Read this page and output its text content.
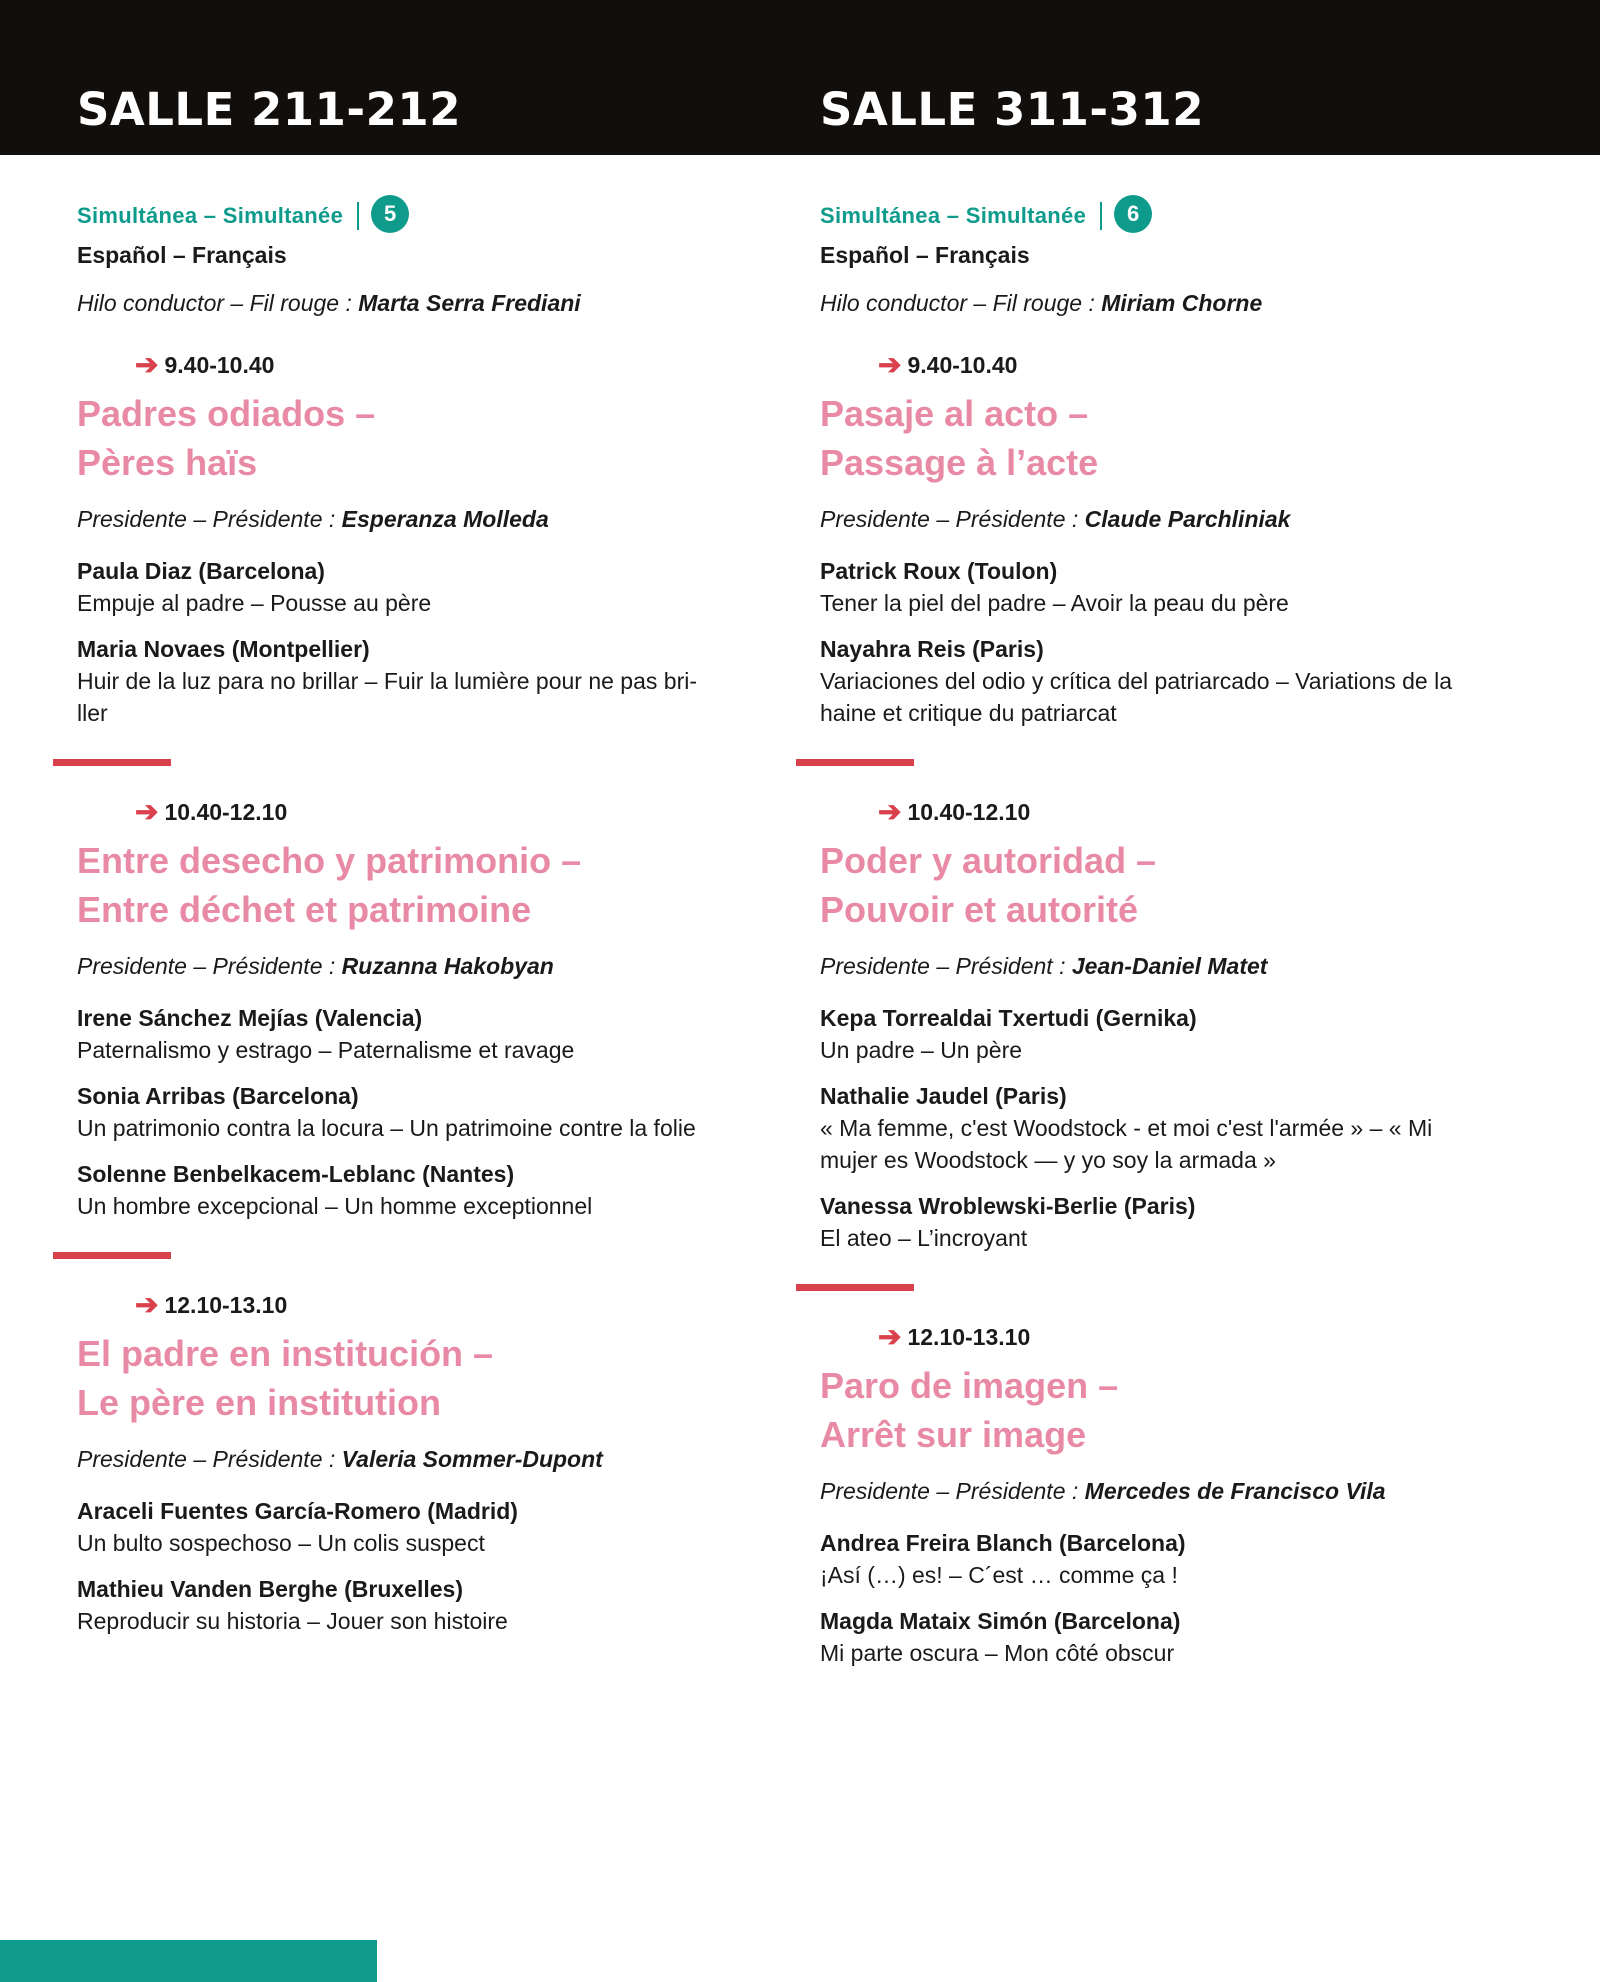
SALLE 211-212	SALLE 311-312
Simultánea – Simultanée	5
Español – Français
Hilo conductor – Fil rouge : Marta Serra Frediani
➔ 9.40-10.40
Padres odiados –
Pères haïs
Presidente – Présidente : Esperanza Molleda
Paula Diaz (Barcelona)
Empuje al padre – Pousse au père
Maria Novaes (Montpellier)
Huir de la luz para no brillar – Fuir la lumière pour ne pas bri-
ller
➔ 10.40-12.10
Entre desecho y patrimonio –
Entre déchet et patrimoine
Presidente – Présidente : Ruzanna Hakobyan
Irene Sánchez Mejías (Valencia)
Paternalismo y estrago – Paternalisme et ravage
Sonia Arribas (Barcelona)
Un patrimonio contra la locura – Un patrimoine contre la folie
Solenne Benbelkacem-Leblanc (Nantes)
Un hombre excepcional – Un homme exceptionnel
➔ 12.10-13.10
El padre en institución –
Le père en institution
Presidente – Présidente : Valeria Sommer-Dupont
Araceli Fuentes García-Romero (Madrid)
Un bulto sospechoso – Un colis suspect
Mathieu Vanden Berghe (Bruxelles)
Reproducir su historia – Jouer son histoire
Simultánea – Simultanée	6
Español – Français
Hilo conductor – Fil rouge : Miriam Chorne
➔ 9.40-10.40
Pasaje al acto –
Passage à l’acte
Presidente – Présidente : Claude Parchliniak
Patrick Roux (Toulon)
Tener la piel del padre – Avoir la peau du père
Nayahra Reis (Paris)
Variaciones del odio y crítica del patriarcado – Variations de la
haine et critique du patriarcat
➔ 10.40-12.10
Poder y autoridad –
Pouvoir et autorité
Presidente – Président : Jean-Daniel Matet
Kepa Torrealdai Txertudi (Gernika)
Un padre – Un père
Nathalie Jaudel (Paris)
« Ma femme, c'est Woodstock - et moi c'est l'armée » – « Mi
mujer es Woodstock — y yo soy la armada »
Vanessa Wroblewski-Berlie (Paris)
El ateo – L’incroyant
➔ 12.10-13.10
Paro de imagen –
Arrêt sur image
Presidente – Présidente : Mercedes de Francisco Vila
Andrea Freira Blanch (Barcelona)
¡Así (…) es! – C´est … comme ça !
Magda Mataix Simón (Barcelona)
Mi parte oscura – Mon côté obscur
